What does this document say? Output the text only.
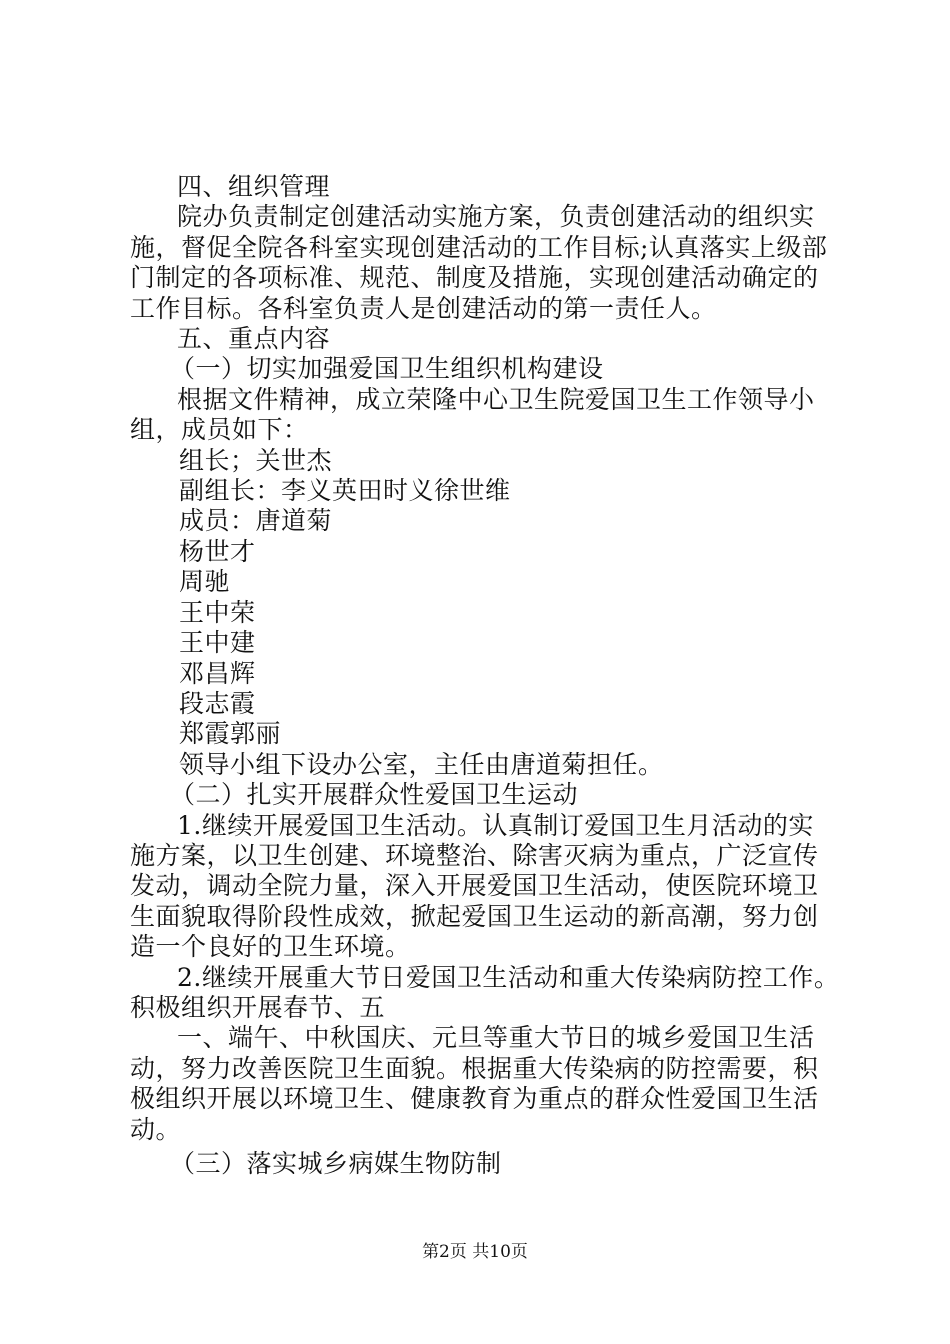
四、组织管理
院办负责制定创建活动实施方案，负责创建活动的组织实
施，督促全院各科室实现创建活动的工作目标;认真落实上级部
门制定的各项标准、规范、制度及措施，实现创建活动确定的
工作目标。各科室负责人是创建活动的第一责任人。
五、重点内容
（一）切实加强爱国卫生组织机构建设
根据文件精神，成立荣隆中心卫生院爱国卫生工作领导小
组，成员如下：
组长；关世杰
副组长：李义英田时义徐世维
成员：唐道菊
杨世才
周驰
王中荣
王中建
邓昌辉
段志霞
郑霞郭丽
领导小组下设办公室，主任由唐道菊担任。
（二）扎实开展群众性爱国卫生运动
1.继续开展爱国卫生活动。认真制订爱国卫生月活动的实
施方案，以卫生创建、环境整治、除害灭病为重点，广泛宣传
发动，调动全院力量，深入开展爱国卫生活动，使医院环境卫
生面貌取得阶段性成效，掀起爱国卫生运动的新高潮，努力创
造一个良好的卫生环境。
2.继续开展重大节日爱国卫生活动和重大传染病防控工作。
积极组织开展春节、五
一、端午、中秋国庆、元旦等重大节日的城乡爱国卫生活
动，努力改善医院卫生面貌。根据重大传染病的防控需要，积
极组织开展以环境卫生、健康教育为重点的群众性爱国卫生活
动。
（三）落实城乡病媒生物防制
第2页 共10页
